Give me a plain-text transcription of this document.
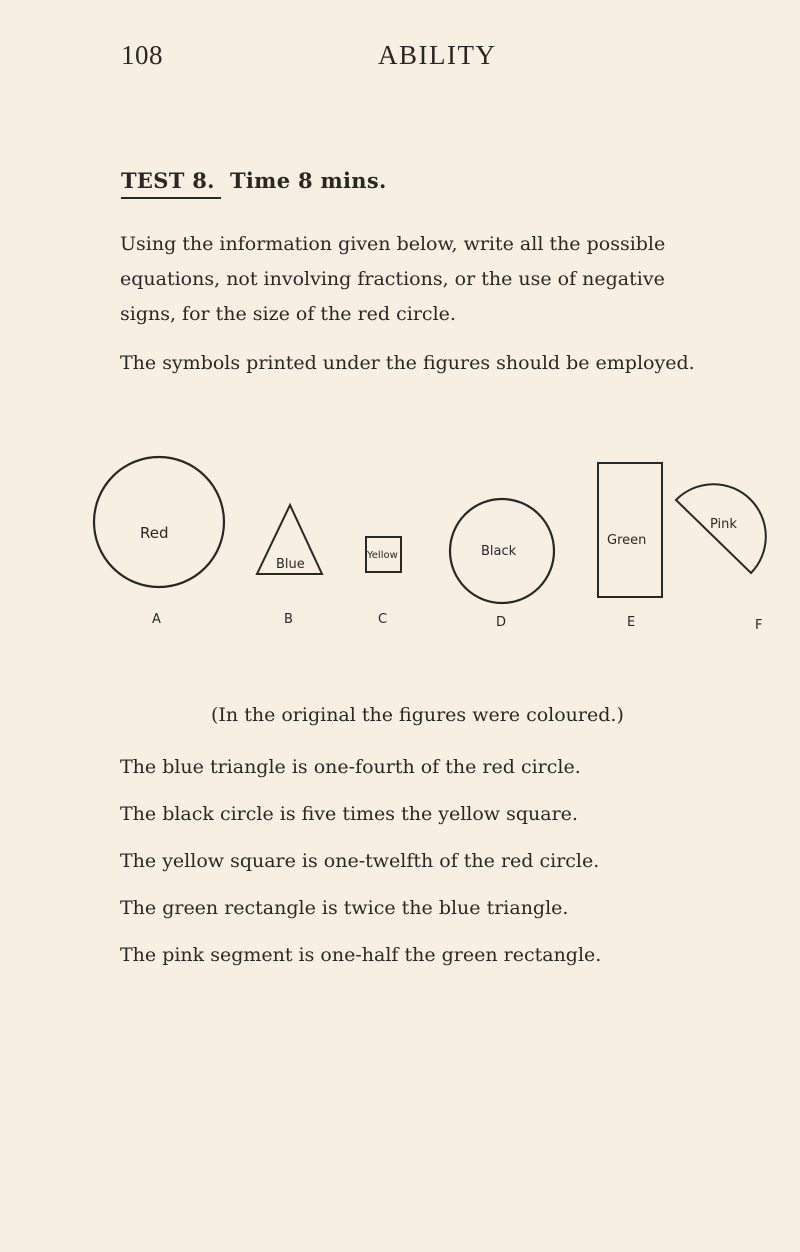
108	ABILITY
TEST 8.  Time 8 mins.

Using the information given below, write all the possible

equations, not involving fractions, or the use of negative

signs, for the size of the red circle.

The symbols printed under the figures should be employed.

Red
A
Blue
B
Yellow
C
Black
D
Green
E
Pink
F
(In the original the figures were coloured.)

The blue triangle is one-fourth of the red circle.

The black circle is five times the yellow square.

The yellow square is one-twelfth of the red circle.

The green rectangle is twice the blue triangle.

The pink segment is one-half the green rectangle.
